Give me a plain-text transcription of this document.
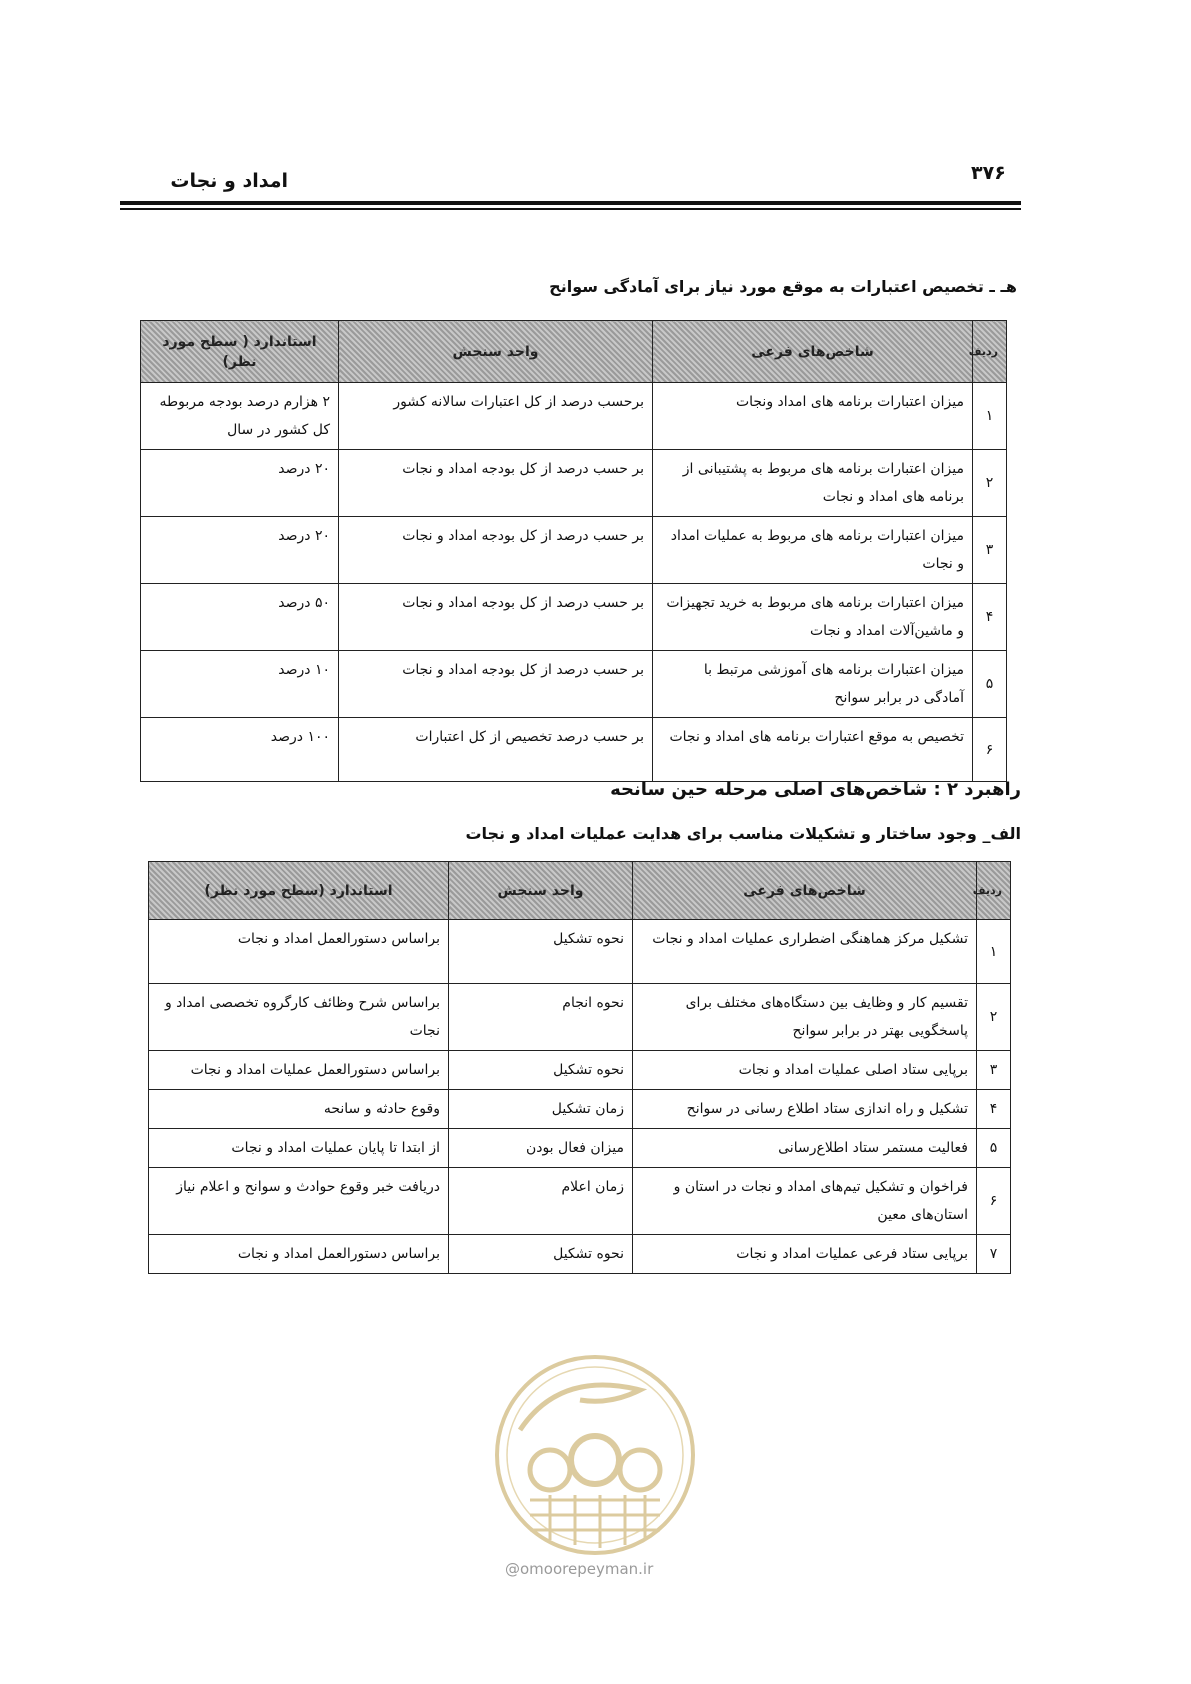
امداد و نجات	۳۷۶
هـ ـ تخصیص اعتبارات به موقع مورد نیاز برای آمادگی سوانح
ردیف	شاخص‌های فرعی	واحد سنجش	استاندارد ( سطح مورد نظر)
۱	میزان اعتبارات برنامه های امداد ونجات	برحسب درصد از کل اعتبارات سالانه کشور	۲ هزارم درصد بودجه مربوطه کل کشور در سال
۲	میزان اعتبارات برنامه های مربوط به پشتیبانی از برنامه های امداد و نجات	بر حسب درصد از کل بودجه امداد و نجات	۲۰ درصد
۳	میزان اعتبارات برنامه های مربوط به عملیات امداد و نجات	بر حسب درصد از کل بودجه امداد و نجات	۲۰ درصد
۴	میزان اعتبارات برنامه های مربوط به خرید تجهیزات و ماشین‌آلات امداد و نجات	بر حسب درصد از کل بودجه امداد و نجات	۵۰ درصد
۵	میزان اعتبارات برنامه های آموزشی مرتبط با آمادگی در برابر سوانح	بر حسب درصد از کل بودجه امداد و نجات	۱۰ درصد
۶	تخصیص به موقع اعتبارات برنامه های امداد و نجات	بر حسب درصد تخصیص از کل اعتبارات	۱۰۰ درصد
راهبرد ۲ : شاخص‌های اصلی مرحله حین سانحه
الف_ وجود ساختار و تشکیلات مناسب برای هدایت عملیات امداد و نجات
ردیف	شاخص‌های فرعی	واحد سنجش	استاندارد (سطح مورد نظر)
۱	تشکیل مرکز هماهنگی اضطراری عملیات امداد و نجات	نحوه تشکیل	براساس دستورالعمل امداد و نجات
۲	تقسیم کار و وظایف بین دستگاه‌های مختلف برای پاسخگویی بهتر در برابر سوانح	نحوه انجام	براساس شرح وظائف کارگروه تخصصی امداد و نجات
۳	برپایی ستاد اصلی عملیات امداد و نجات	نحوه تشکیل	براساس دستورالعمل عملیات امداد و نجات
۴	تشکیل و راه اندازی ستاد اطلاع رسانی در سوانح	زمان تشکیل	وقوع حادثه و سانحه
۵	فعالیت مستمر ستاد اطلاع‌رسانی	میزان فعال بودن	از ابتدا تا پایان عملیات امداد و نجات
۶	فراخوان و تشکیل تیم‌های امداد و نجات در استان و استان‌های معین	زمان اعلام	دریافت خبر وقوع حوادث و سوانح و اعلام نیاز
۷	برپایی ستاد فرعی عملیات امداد و نجات	نحوه تشکیل	براساس دستورالعمل امداد و نجات
@omoorepeyman.ir
